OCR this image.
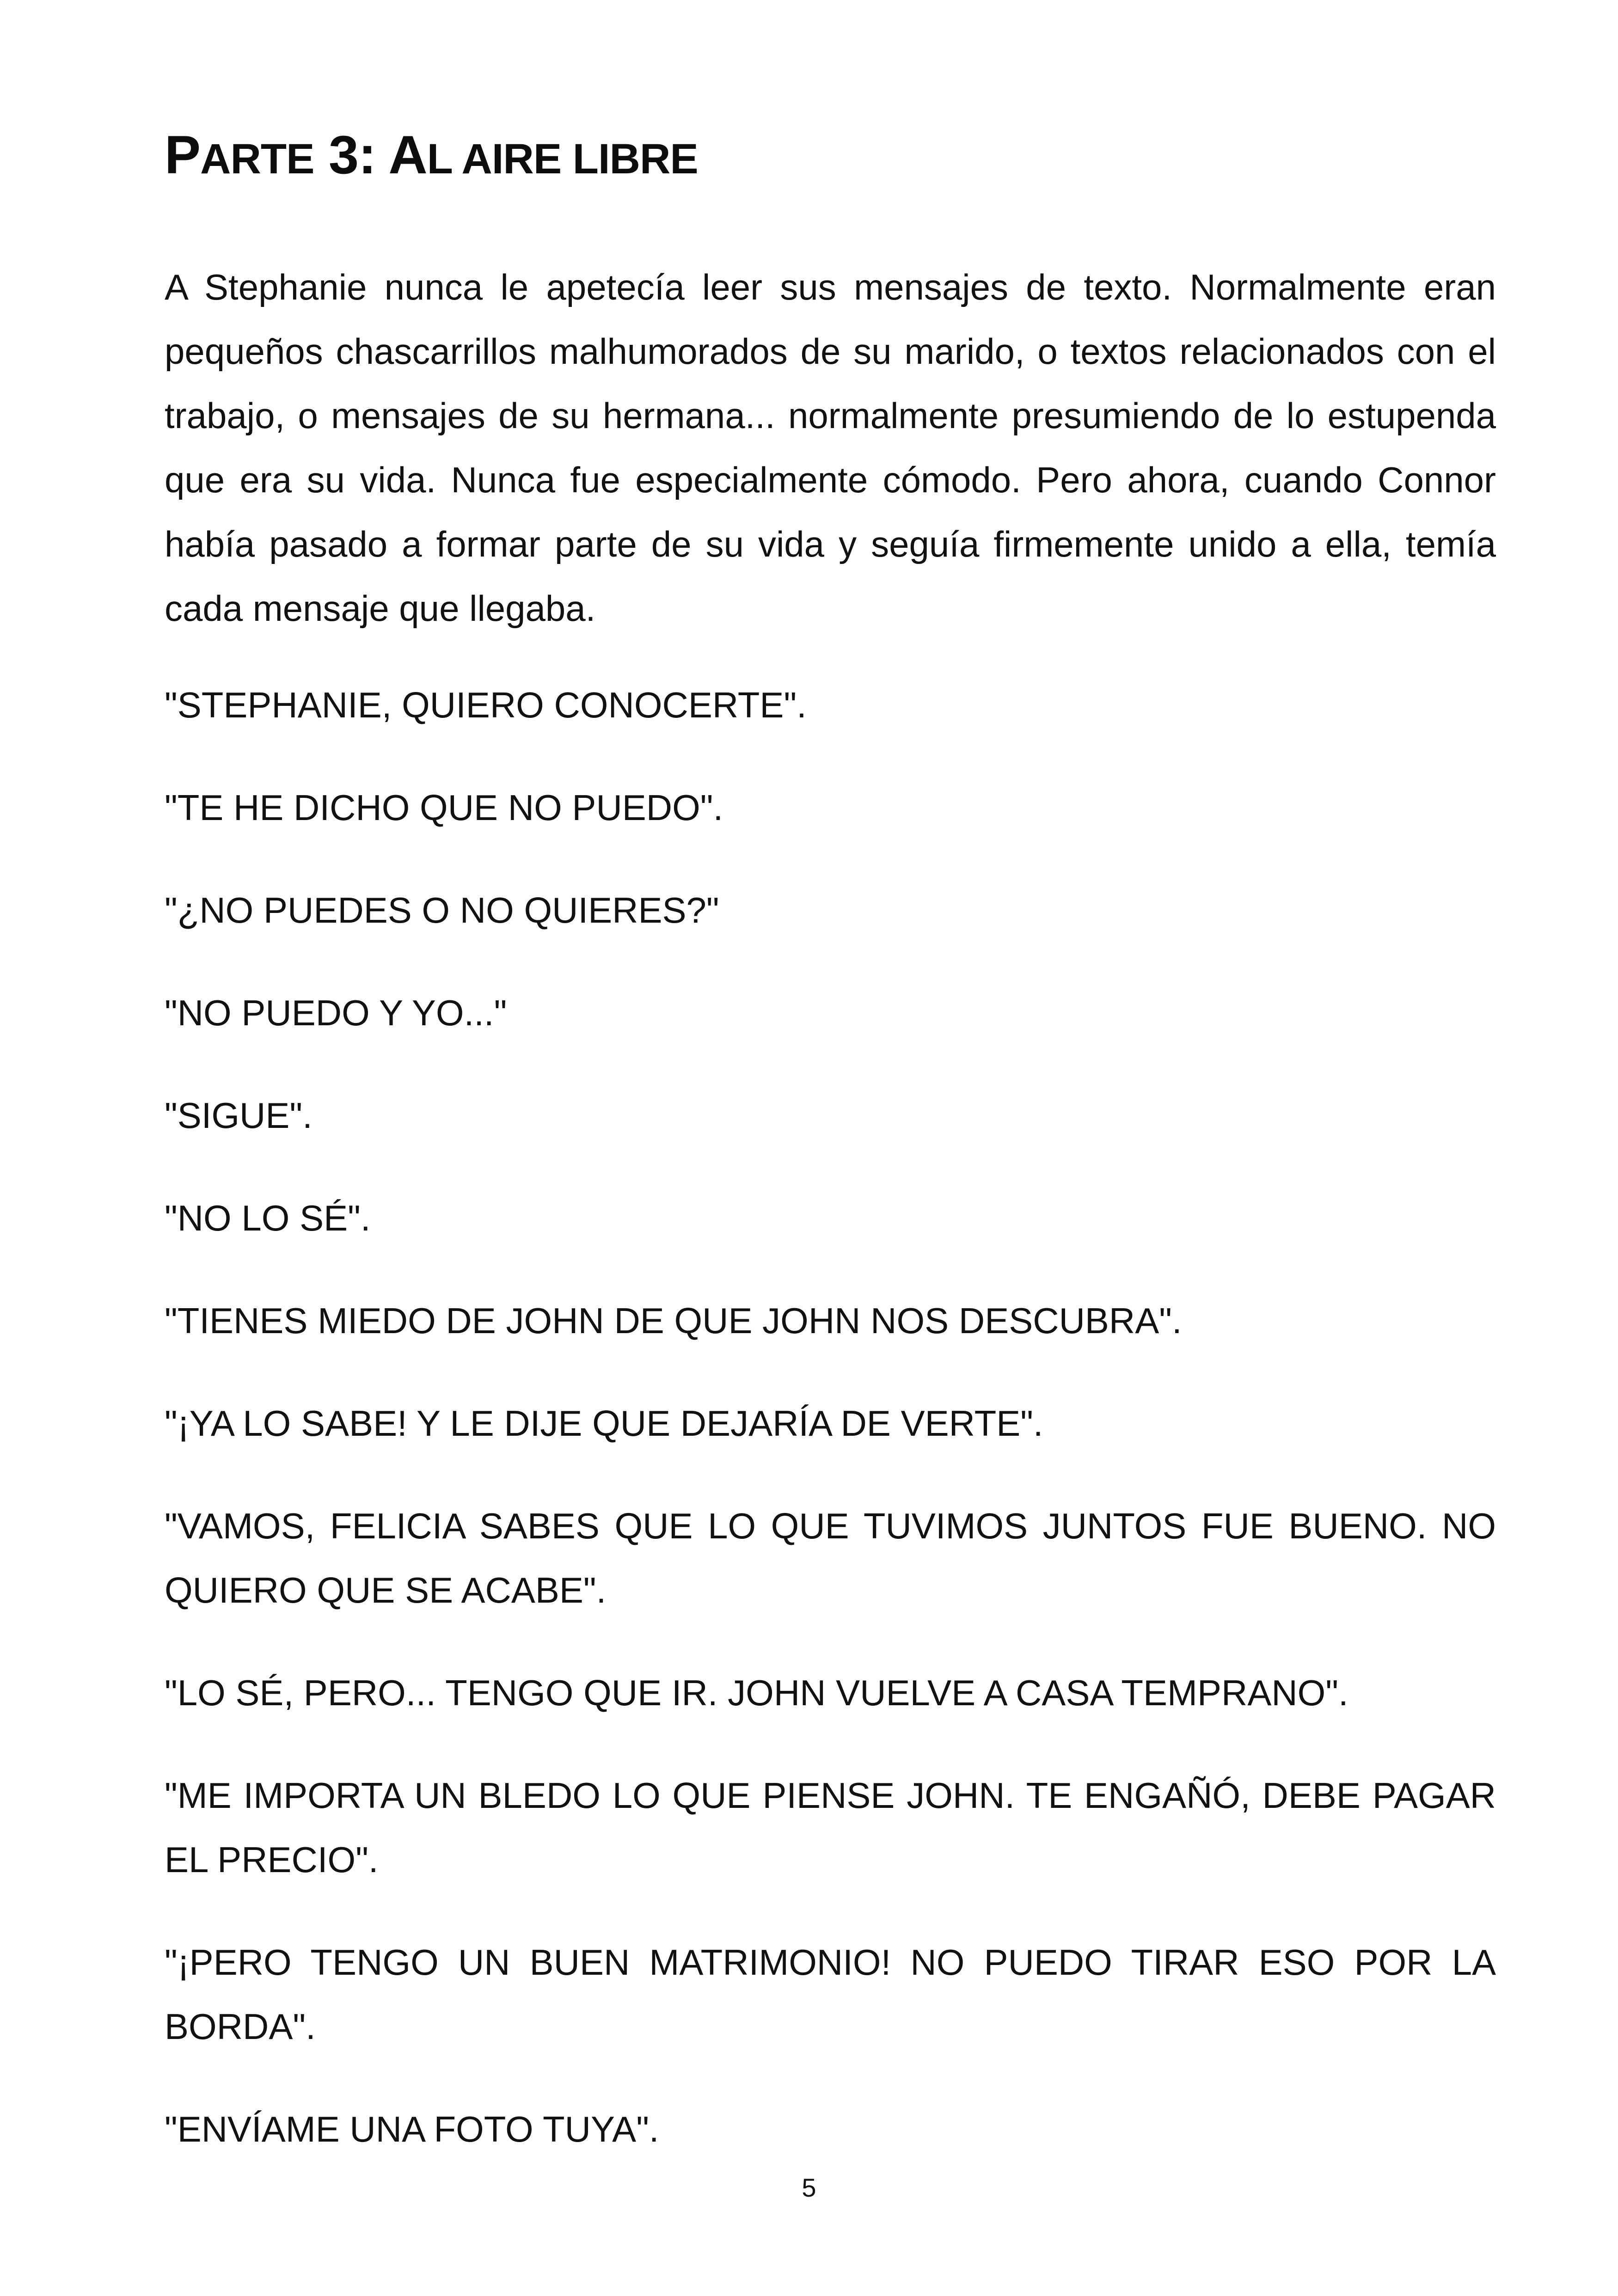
PARTE 3: AL AIRE LIBRE

A Stephanie nunca le apetecía leer sus mensajes de texto. Normalmente eran pequeños chascarrillos malhumorados de su marido, o textos relacionados con el trabajo, o mensajes de su hermana... normalmente presumiendo de lo estupenda que era su vida. Nunca fue especialmente cómodo. Pero ahora, cuando Connor había pasado a formar parte de su vida y seguía firmemente unido a ella, temía cada mensaje que llegaba.

"STEPHANIE, QUIERO CONOCERTE".

"TE HE DICHO QUE NO PUEDO".

"¿NO PUEDES O NO QUIERES?"

"NO PUEDO Y YO..."

"SIGUE".

"NO LO SÉ".

"TIENES MIEDO DE JOHN DE QUE JOHN NOS DESCUBRA".

"¡YA LO SABE! Y LE DIJE QUE DEJARÍA DE VERTE".

"VAMOS, FELICIA SABES QUE LO QUE TUVIMOS JUNTOS FUE BUENO. NO QUIERO QUE SE ACABE".

"LO SÉ, PERO... TENGO QUE IR. JOHN VUELVE A CASA TEMPRANO".

"ME IMPORTA UN BLEDO LO QUE PIENSE JOHN. TE ENGAÑÓ, DEBE PAGAR EL PRECIO".

"¡PERO TENGO UN BUEN MATRIMONIO! NO PUEDO TIRAR ESO POR LA BORDA".

"ENVÍAME UNA FOTO TUYA".

5
